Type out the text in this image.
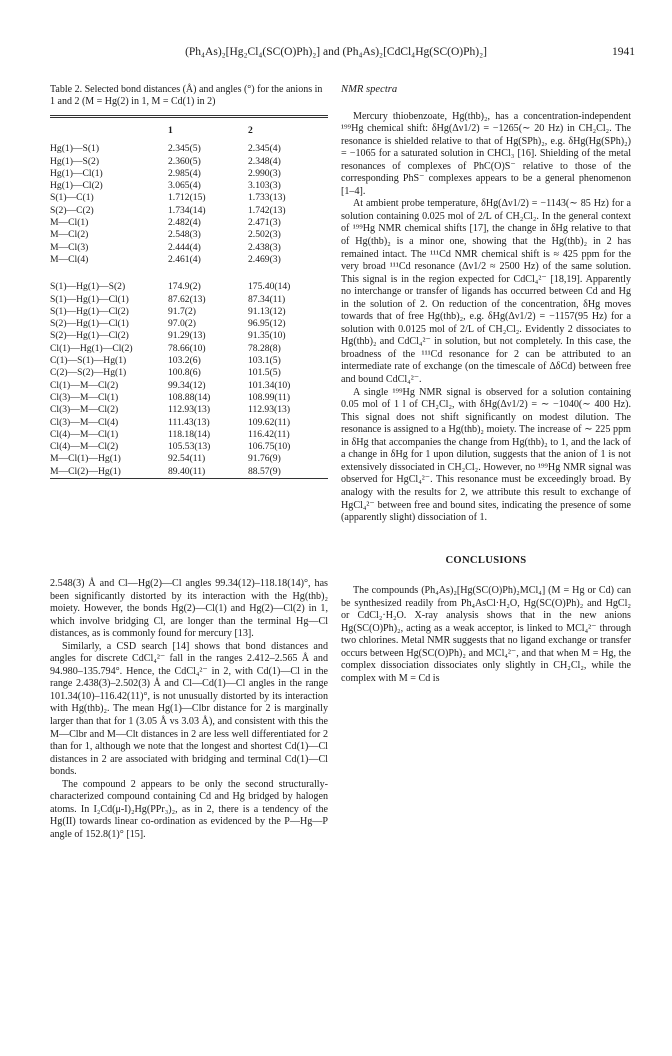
(Ph₄As)₂[Hg₂Cl₄(SC(O)Ph)₂] and (Ph₄As)₂[CdCl₄Hg(SC(O)Ph)₂]	1941

Table 2. Selected bond distances (Å) and angles (°) for the anions in 1 and 2 (M = Hg(2) in 1, M = Cd(1) in 2)

	1	2
Hg(1)—S(1)	2.345(5)	2.345(4)
Hg(1)—S(2)	2.360(5)	2.348(4)
Hg(1)—Cl(1)	2.985(4)	2.990(3)
Hg(1)—Cl(2)	3.065(4)	3.103(3)
S(1)—C(1)	1.712(15)	1.733(13)
S(2)—C(2)	1.734(14)	1.742(13)
M—Cl(1)	2.482(4)	2.471(3)
M—Cl(2)	2.548(3)	2.502(3)
M—Cl(3)	2.444(4)	2.438(3)
M—Cl(4)	2.461(4)	2.469(3)

S(1)—Hg(1)—S(2)	174.9(2)	175.40(14)
S(1)—Hg(1)—Cl(1)	87.62(13)	87.34(11)
S(1)—Hg(1)—Cl(2)	91.7(2)	91.13(12)
S(2)—Hg(1)—Cl(1)	97.0(2)	96.95(12)
S(2)—Hg(1)—Cl(2)	91.29(13)	91.35(10)
Cl(1)—Hg(1)—Cl(2)	78.66(10)	78.28(8)
C(1)—S(1)—Hg(1)	103.2(6)	103.1(5)
C(2)—S(2)—Hg(1)	100.8(6)	101.5(5)
Cl(1)—M—Cl(2)	99.34(12)	101.34(10)
Cl(3)—M—Cl(1)	108.88(14)	108.99(11)
Cl(3)—M—Cl(2)	112.93(13)	112.93(13)
Cl(3)—M—Cl(4)	111.43(13)	109.62(11)
Cl(4)—M—Cl(1)	118.18(14)	116.42(11)
Cl(4)—M—Cl(2)	105.53(13)	106.75(10)
M—Cl(1)—Hg(1)	92.54(11)	91.76(9)
M—Cl(2)—Hg(1)	89.40(11)	88.57(9)

2.548(3) Å and Cl—Hg(2)—Cl angles 99.34(12)–118.18(14)°, has been significantly distorted by its interaction with the Hg(thb)₂ moiety. However, the bonds Hg(2)—Cl(1) and Hg(2)—Cl(2) in 1, which involve bridging Cl, are longer than the terminal Hg—Cl distances, as is commonly found for mercury [13].

Similarly, a CSD search [14] shows that bond distances and angles for discrete CdCl₄²⁻ fall in the ranges 2.412–2.565 Å and 94.980–135.794°. Hence, the CdCl₄²⁻ in 2, with Cd(1)—Cl in the range 2.438(3)–2.502(3) Å and Cl—Cd(1)—Cl angles in the range 101.34(10)–116.42(11)°, is not unusually distorted by its interaction with Hg(thb)₂. The mean Hg(1)—Clbr distance for 2 is marginally larger than that for 1 (3.05 Å vs 3.03 Å), and consistent with this the M—Clbr and M—Clt distances in 2 are less well differentiated for 2 than for 1, although we note that the longest and shortest Cd(1)—Cl distances in 2 are associated with bridging and terminal Cd(1)—Cl bonds.

The compound 2 appears to be only the second structurally-characterized compound containing Cd and Hg bridged by halogen atoms. In I₂Cd(μ-I)₂Hg(PPr₃)₂, as in 2, there is a tendency of the Hg(II) towards linear co-ordination as evidenced by the P—Hg—P angle of 152.8(1)° [15].

NMR spectra

Mercury thiobenzoate, Hg(thb)₂, has a concentration-independent ¹⁹⁹Hg chemical shift: δHg(Δν1/2) = −1265(∼ 20 Hz) in CH₂Cl₂. The resonance is shielded relative to that of Hg(SPh)₂, e.g. δHg(Hg(SPh)₂) = −1065 for a saturated solution in CHCl₃ [16]. Shielding of the metal resonances of complexes of PhC(O)S⁻ relative to those of the corresponding PhS⁻ complexes appears to be a general phenomenon [1–4].

At ambient probe temperature, δHg(Δν1/2) = −1143(∼ 85 Hz) for a solution containing 0.025 mol of 2/L of CH₂Cl₂. In the general context of ¹⁹⁹Hg NMR chemical shifts [17], the change in δHg relative to that of Hg(thb)₂ is a minor one, showing that the Hg(thb)₂ in 2 has remained intact. The ¹¹¹Cd NMR chemical shift is ≈ 425 ppm for the very broad ¹¹¹Cd resonance (Δν1/2 ≈ 2500 Hz) of the same solution. This signal is in the region expected for CdCl₄²⁻ [18,19]. Apparently no interchange or transfer of ligands has occurred between Cd and Hg in the solution of 2. On reduction of the concentration, δHg moves towards that of free Hg(thb)₂, e.g. δHg(Δν1/2) = −1157(95 Hz) for a solution with 0.0125 mol of 2/L of CH₂Cl₂. Evidently 2 dissociates to Hg(thb)₂ and CdCl₄²⁻ in solution, but not completely. In this case, the broadness of the ¹¹¹Cd resonance for 2 can be attributed to an intermediate rate of exchange (on the timescale of ΔδCd) between free and bound CdCl₄²⁻.

A single ¹⁹⁹Hg NMR signal is observed for a solution containing 0.05 mol of 1 l of CH₂Cl₂, with δHg(Δν1/2) = ∼ −1040(∼ 400 Hz). This signal does not shift significantly on modest dilution. The resonance is assigned to a Hg(thb)₂ moiety. The increase of ∼ 225 ppm in δHg that accompanies the change from Hg(thb)₂ to 1, and the lack of a change in δHg for 1 upon dilution, suggests that the anion of 1 is not extensively dissociated in CH₂Cl₂. However, no ¹⁹⁹Hg NMR signal was observed for HgCl₄²⁻. This resonance must be exceedingly broad. By analogy with the results for 2, we attribute this result to exchange of HgCl₄²⁻ between free and bound sites, indicating the presence of some (apparently slight) dissociation of 1.

CONCLUSIONS

The compounds (Ph₄As)₂[Hg(SC(O)Ph)₂MCl₄] (M = Hg or Cd) can be synthesized readily from Ph₄AsCl·H₂O, Hg(SC(O)Ph)₂ and HgCl₂ or CdCl₂·H₂O. X-ray analysis shows that in the new anions Hg(SC(O)Ph)₂, acting as a weak acceptor, is linked to MCl₄²⁻ through two chlorines. Metal NMR suggests that no ligand exchange or transfer occurs between Hg(SC(O)Ph)₂ and MCl₄²⁻, and that when M = Hg, the complex dissociation dissociates only slightly in CH₂Cl₂, while the complex with M = Cd is
